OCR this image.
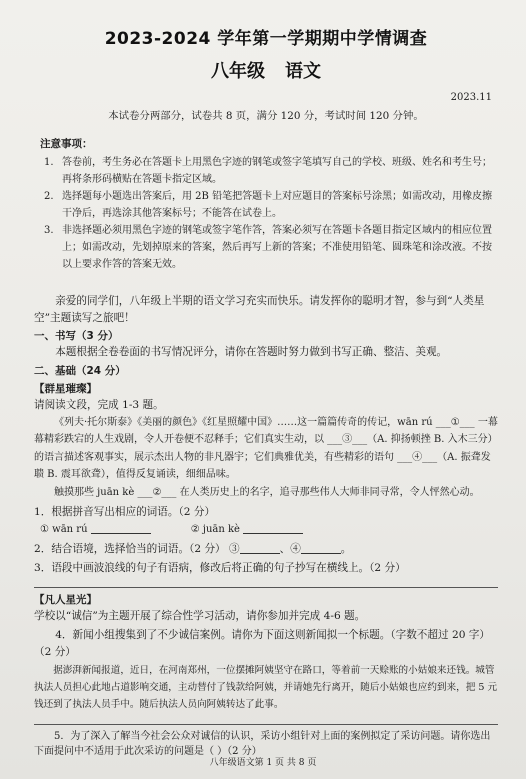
2023-2024 学年第一学期期中学情调查
八年级 语文
2023.11
本试卷分两部分，试卷共 8 页，满分 120 分，考试时间 120 分钟。
注意事项：
1. 答卷前，考生务必在答题卡上用黑色字迹的钢笔或签字笔填写自己的学校、班级、姓名和考生号；再将条形码横贴在答题卡指定区域。
2. 选择题每小题选出答案后，用 2B 铅笔把答题卡上对应题目的答案标号涂黑；如需改动，用橡皮擦干净后，再选涂其他答案标号；不能答在试卷上。
3. 非选择题必须用黑色字迹的钢笔或签字笔作答，答案必须写在答题卡各题目指定区域内的相应位置上；如需改动，先划掉原来的答案，然后再写上新的答案；不准使用铅笔、圆珠笔和涂改液。不按以上要求作答的答案无效。
亲爱的同学们，八年级上半期的语文学习充实而快乐。请发挥你的聪明才智，参与到“人类星空”主题读写之旅吧！
一、书写（3 分）
本题根据全卷卷面的书写情况评分，请你在答题时努力做到书写正确、整洁、美观。
二、基础（24 分）
【群星璀璨】
请阅读文段，完成 1-3 题。
《列夫·托尔斯泰》《美丽的颜色》《红星照耀中国》……这一篇篇传奇的传记，wān rú ___①___ 一幕幕精彩跌宕的人生戏剧，令人开卷便不忍释手；它们真实生动，以 ___③___（A. 抑扬顿挫 B. 入木三分）的语言描述客观事实，展示杰出人物的非凡器宇；它们典雅优美，有些精彩的语句 ___④___（A. 振聋发聩 B. 震耳欲聋），值得反复诵读，细细品味。
触摸那些 juān kè ___②___ 在人类历史上的名字，追寻那些伟人大师非同寻常，令人怦然心动。
1．根据拼音写出相应的词语。（2 分）
① wān rú	② juān kè
2．结合语境，选择恰当的词语。（2 分） ③	、④	。
3．语段中画波浪线的句子有语病，修改后将正确的句子抄写在横线上。（2 分）
【凡人星光】
学校以“诚信”为主题开展了综合性学习活动，请你参加并完成 4-6 题。
4．新闻小组搜集到了不少诚信案例。请你为下面这则新闻拟一个标题。（字数不超过 20 字）（2 分）
据澎湃新闻报道，近日，在河南郑州，一位摆摊阿姨坚守在路口，等着前一天赊账的小姑娘来还钱。城管执法人员担心此地占道影响交通，主动替付了钱款给阿姨，并请她先行离开，随后小姑娘也应约到来，把 5 元钱还到了执法人员手中。随后执法人员向阿姨转达了此事。
5．为了深入了解当今社会公众对诚信的认识，采访小组针对上面的案例拟定了采访问题。请你选出下面提问中不适用于此次采访的问题是（ ）（2 分）
八年级语文第 1 页 共 8 页
